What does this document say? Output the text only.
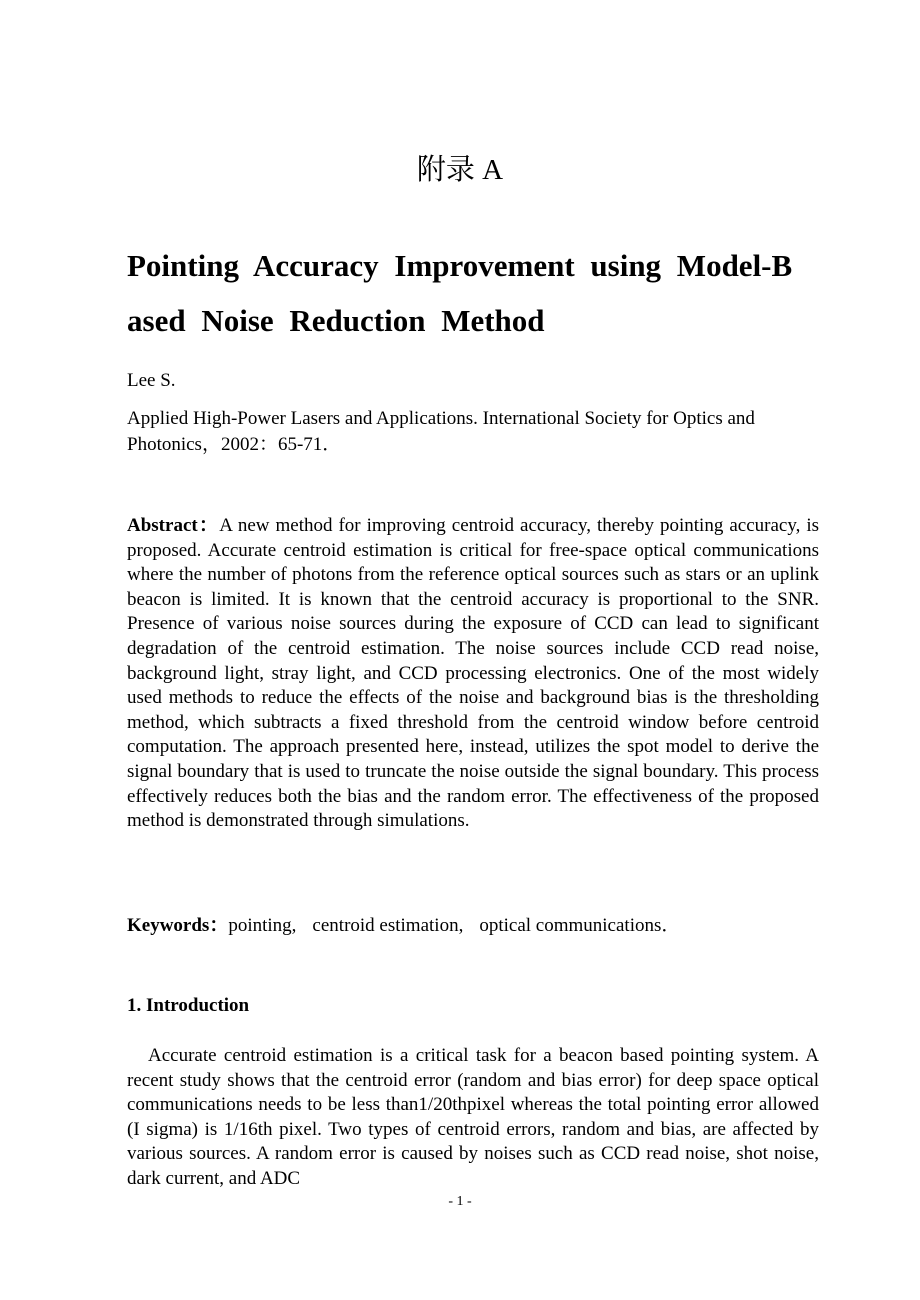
附录 A
Pointing Accuracy Improvement using Model-B
ased Noise Reduction Method
Lee S.
Applied High-Power Lasers and Applications. International Society for Optics and Photonics，2002：65-71．
Abstract：A new method for improving centroid accuracy, thereby pointing accuracy, is proposed. Accurate centroid estimation is critical for free-space optical communications where the number of photons from the reference optical sources such as stars or an uplink beacon is limited. It is known that the centroid accuracy is proportional to the SNR. Presence of various noise sources during the exposure of CCD can lead to significant degradation of the centroid estimation. The noise sources include CCD read noise, background light, stray light, and CCD processing electronics. One of the most widely used methods to reduce the effects of the noise and background bias is the thresholding method, which subtracts a fixed threshold from the centroid window before centroid computation. The approach presented here, instead, utilizes the spot model to derive the signal boundary that is used to truncate the noise outside the signal boundary. This process effectively reduces both the bias and the random error. The effectiveness of the proposed method is demonstrated through simulations.
Keywords：pointing, centroid estimation, optical communications．
1. Introduction
Accurate centroid estimation is a critical task for a beacon based pointing system. A recent study shows that the centroid error (random and bias error) for deep space optical communications needs to be less than1/20thpixel whereas the total pointing error allowed (I sigma) is 1/16th pixel. Two types of centroid errors, random and bias, are affected by various sources. A random error is caused by noises such as CCD read noise, shot noise, dark current, and ADC
- 1 -
